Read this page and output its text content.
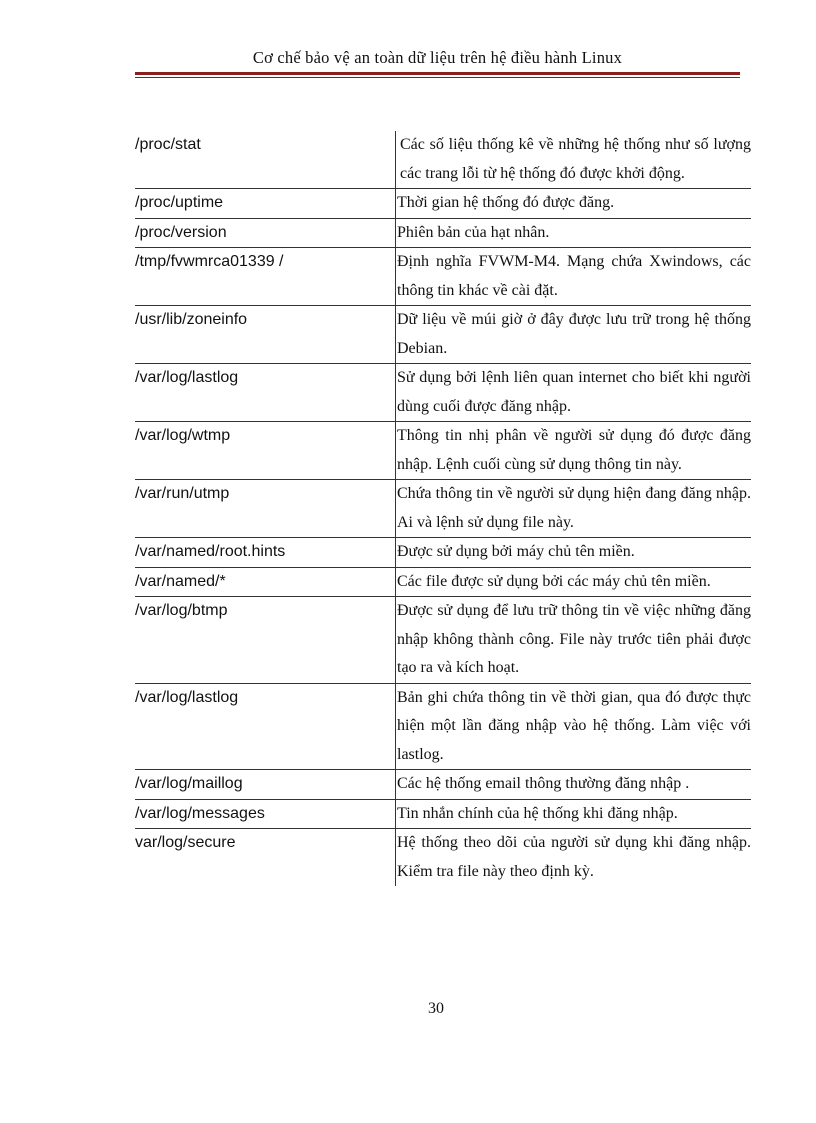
Cơ chế bảo vệ an toàn dữ liệu trên hệ điều hành Linux
/proc/stat	Các số liệu thống kê về những hệ thống như số lượng các trang lỗi từ hệ thống đó được khởi động.
/proc/uptime	Thời gian hệ thống đó được đăng.
/proc/version	Phiên bản của hạt nhân.
/tmp/fvwmrca01339 /	Định nghĩa FVWM-M4. Mạng chứa Xwindows, các thông tin khác về cài đặt.
/usr/lib/zoneinfo	Dữ liệu về múi giờ ở đây được lưu trữ trong hệ thống Debian.
/var/log/lastlog	Sử dụng bởi lệnh liên quan internet cho biết khi người dùng cuối được đăng nhập.
/var/log/wtmp	Thông tin nhị phân về người sử dụng đó được đăng nhập. Lệnh cuối cùng sử dụng thông tin này.
/var/run/utmp	Chứa thông tin về người sử dụng hiện đang đăng nhập. Ai và lệnh sử dụng file này.
/var/named/root.hints	Được sử dụng bởi máy chủ tên miền.
/var/named/*	Các file được sử dụng bởi các máy chủ tên miền.
/var/log/btmp	Được sử dụng để lưu trữ thông tin về việc những đăng nhập không thành công. File này trước tiên phải được tạo ra và kích hoạt.
/var/log/lastlog	Bản ghi chứa thông tin về thời gian, qua đó được thực hiện một lần đăng nhập vào hệ thống. Làm việc với lastlog.
/var/log/maillog	Các hệ thống email thông thường đăng nhập .
/var/log/messages	Tin nhắn chính của hệ thống khi đăng nhập.
var/log/secure	Hệ thống theo dõi của người sử dụng khi đăng nhập. Kiểm tra file này theo định kỳ.
30
